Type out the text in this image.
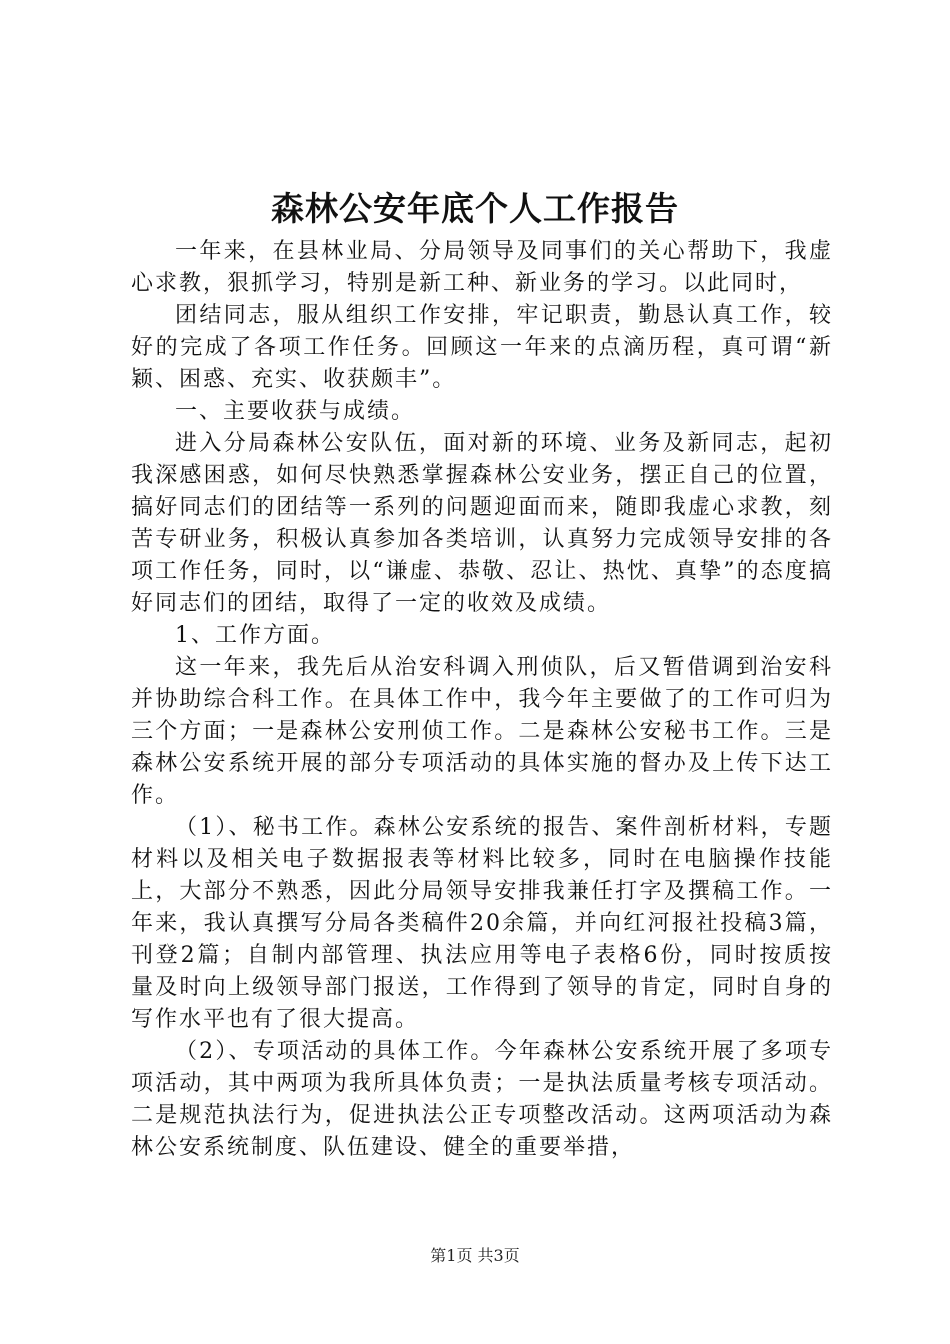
森林公安年底个人工作报告

一年来，在县林业局、分局领导及同事们的关心帮助下，我虚心求教，狠抓学习，特别是新工种、新业务的学习。以此同时，

团结同志，服从组织工作安排，牢记职责，勤恳认真工作，较好的完成了各项工作任务。回顾这一年来的点滴历程，真可谓“新颖、困惑、充实、收获颇丰”。

一、主要收获与成绩。

进入分局森林公安队伍，面对新的环境、业务及新同志，起初我深感困惑，如何尽快熟悉掌握森林公安业务，摆正自己的位置，搞好同志们的团结等一系列的问题迎面而来，随即我虚心求教，刻苦专研业务，积极认真参加各类培训，认真努力完成领导安排的各项工作任务，同时，以“谦虚、恭敬、忍让、热忱、真挚”的态度搞好同志们的团结，取得了一定的收效及成绩。

1、工作方面。

这一年来，我先后从治安科调入刑侦队，后又暂借调到治安科并协助综合科工作。在具体工作中，我今年主要做了的工作可归为三个方面；一是森林公安刑侦工作。二是森林公安秘书工作。三是森林公安系统开展的部分专项活动的具体实施的督办及上传下达工作。

（1）、秘书工作。森林公安系统的报告、案件剖析材料，专题材料以及相关电子数据报表等材料比较多，同时在电脑操作技能上，大部分不熟悉，因此分局领导安排我兼任打字及撰稿工作。一年来，我认真撰写分局各类稿件20余篇，并向红河报社投稿3篇，刊登2篇；自制内部管理、执法应用等电子表格6份，同时按质按量及时向上级领导部门报送，工作得到了领导的肯定，同时自身的写作水平也有了很大提高。

（2）、专项活动的具体工作。今年森林公安系统开展了多项专项活动，其中两项为我所具体负责；一是执法质量考核专项活动。二是规范执法行为，促进执法公正专项整改活动。这两项活动为森林公安系统制度、队伍建设、健全的重要举措，

第1页 共3页
